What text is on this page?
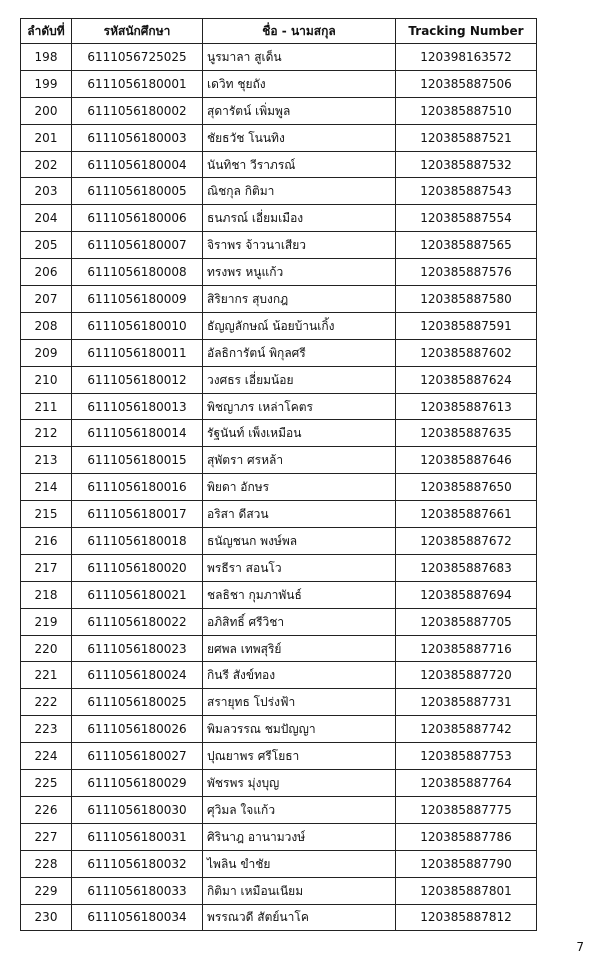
ลำดับที่	รหัสนักศึกษา	ชื่อ - นามสกุล	Tracking Number
198	6111056725025	นูรมาลา สูเด็น	120398163572
199	6111056180001	เดวิท ชุยถัง	120385887506
200	6111056180002	สุดารัตน์ เพิ่มพูล	120385887510
201	6111056180003	ชัยธวัช โนนทิง	120385887521
202	6111056180004	นันทิชา วีราภรณ์	120385887532
203	6111056180005	ณิชกุล กิติมา	120385887543
204	6111056180006	ธนภรณ์ เอี่ยมเมือง	120385887554
205	6111056180007	จิราพร จ้าวนาเสียว	120385887565
206	6111056180008	ทรงพร หนูแก้ว	120385887576
207	6111056180009	สิริยากร สุบงกฎ	120385887580
208	6111056180010	ธัญญลักษณ์ น้อยบ้านเกิ้ง	120385887591
209	6111056180011	อัลธิการัตน์ พิกุลศรี	120385887602
210	6111056180012	วงศธร เอี่ยมน้อย	120385887624
211	6111056180013	พิชญาภร เหล่าโคตร	120385887613
212	6111056180014	รัฐนันท์ เพ็งเหมือน	120385887635
213	6111056180015	สุพัตรา ศรหล้า	120385887646
214	6111056180016	พิยดา อักษร	120385887650
215	6111056180017	อริสา ดีสวน	120385887661
216	6111056180018	ธนัญชนก พงษ์พล	120385887672
217	6111056180020	พรธีรา สอนโว	120385887683
218	6111056180021	ชลธิชา กุมภาพันธ์	120385887694
219	6111056180022	อภิสิทธิ์ ศรีวิชา	120385887705
220	6111056180023	ยศพล เทพสุริย์	120385887716
221	6111056180024	กินรี สังข์ทอง	120385887720
222	6111056180025	สรายุทธ โปร่งฟ้า	120385887731
223	6111056180026	พิมลวรรณ ชมปัญญา	120385887742
224	6111056180027	ปุณยาพร ศรีโยธา	120385887753
225	6111056180029	พัชรพร มุ่งบุญ	120385887764
226	6111056180030	ศุวิมล ใจแก้ว	120385887775
227	6111056180031	ศิรินาฎ อานามวงษ์	120385887786
228	6111056180032	ไพลิน ขำชัย	120385887790
229	6111056180033	กิติมา เหมือนเนียม	120385887801
230	6111056180034	พรรณวดี สัตย์นาโค	120385887812
7
